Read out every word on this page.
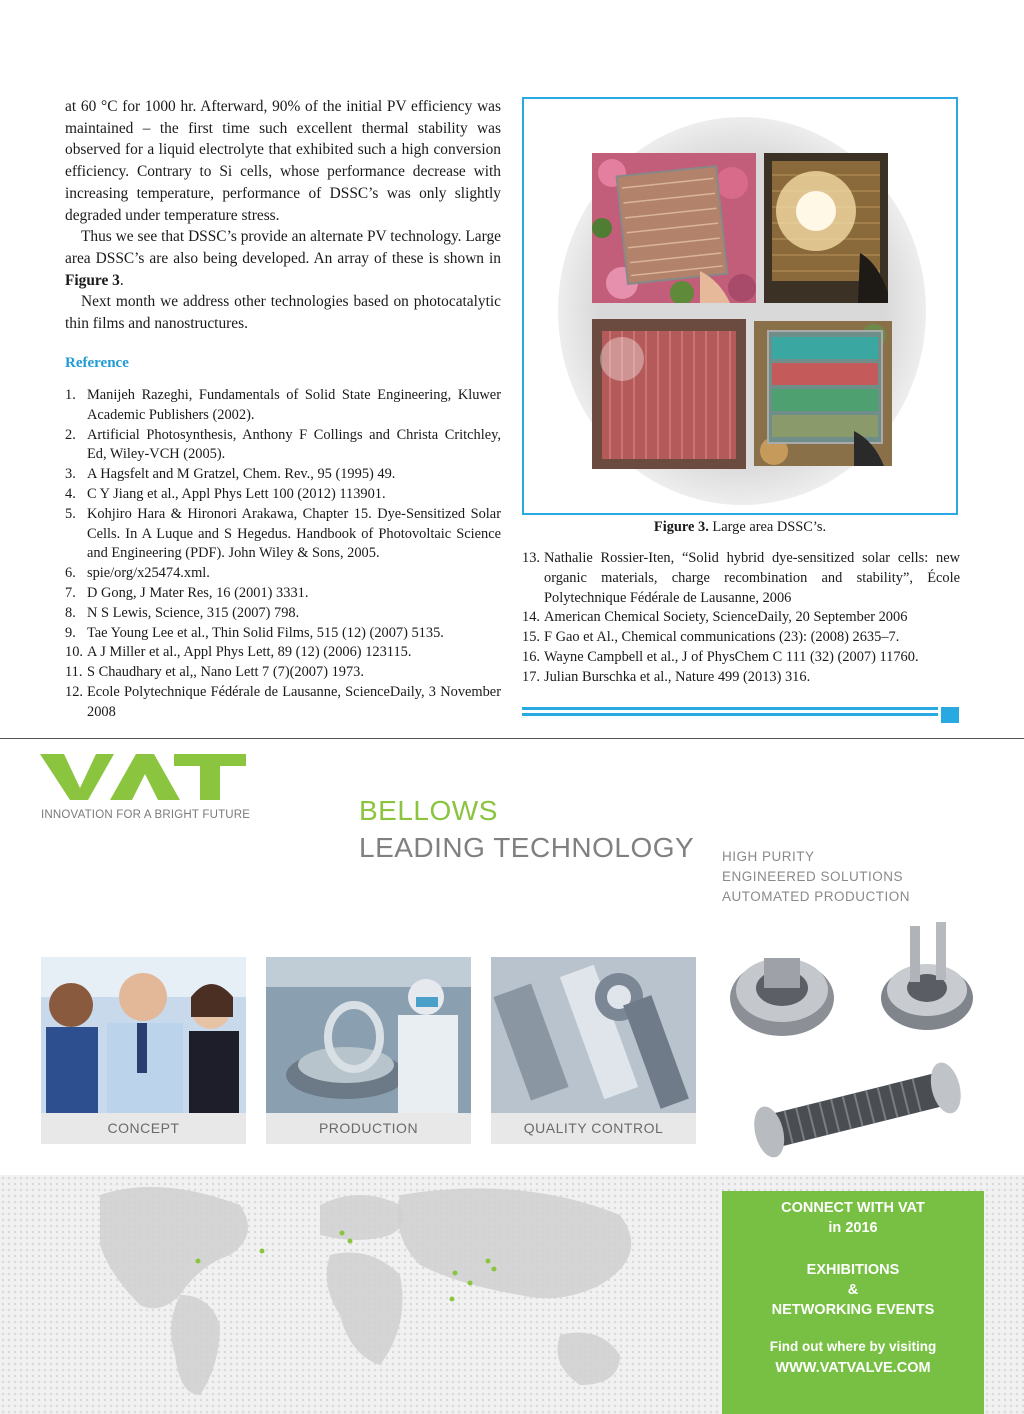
at 60 °C for 1000 hr. Afterward, 90% of the initial PV efficiency was maintained – the first time such excellent thermal stability was observed for a liquid electrolyte that exhibited such a high conversion efficiency. Contrary to Si cells, whose performance decrease with increasing temperature, performance of DSSC’s was only slightly degraded under temperature stress.

Thus we see that DSSC’s provide an alternate PV technology. Large area DSSC’s are also being developed. An array of these is shown in Figure 3.

Next month we address other technologies based on photocatalytic thin films and nanostructures.

Reference
1. Manijeh Razeghi, Fundamentals of Solid State Engineering, Kluwer Academic Publishers (2002).
2. Artificial Photosynthesis, Anthony F Collings and Christa Critchley, Ed, Wiley-VCH (2005).
3. A Hagsfelt and M Gratzel, Chem. Rev., 95 (1995) 49.
4. C Y Jiang et al., Appl Phys Lett 100 (2012) 113901.
5. Kohjiro Hara & Hironori Arakawa, Chapter 15. Dye-Sensitized Solar Cells. In A Luque and S Hegedus. Handbook of Photovoltaic Science and Engineering (PDF). John Wiley & Sons, 2005.
6. spie/org/x25474.xml.
7. D Gong, J Mater Res, 16 (2001) 3331.
8. N S Lewis, Science, 315 (2007) 798.
9. Tae Young Lee et al., Thin Solid Films, 515 (12) (2007) 5135.
10. A J Miller et al., Appl Phys Lett, 89 (12) (2006) 123115.
11. S Chaudhary et al,, Nano Lett 7 (7)(2007) 1973.
12. Ecole Polytechnique Fédérale de Lausanne, ScienceDaily, 3 November 2008
Figure 3. Large area DSSC’s.
13. Nathalie Rossier-Iten, “Solid hybrid dye-sensitized solar cells: new organic materials, charge recombination and stability”, École Polytechnique Fédérale de Lausanne, 2006
14. American Chemical Society, ScienceDaily, 20 September 2006
15. F Gao et Al., Chemical communications (23): (2008) 2635–7.
16. Wayne Campbell et al., J of PhysChem C 111 (32) (2007) 11760.
17. Julian Burschka et al., Nature 499 (2013) 316.
VAT
INNOVATION FOR A BRIGHT FUTURE	BELLOWS
LEADING TECHNOLOGY HIGH PURITY
ENGINEERED SOLUTIONS
AUTOMATED PRODUCTION
CONCEPT	PRODUCTION	QUALITY CONTROL
CONNECT WITH VAT
in 2016
EXHIBITIONS
&
NETWORKING EVENTS
Find out where by visiting
WWW.VATVALVE.COM
